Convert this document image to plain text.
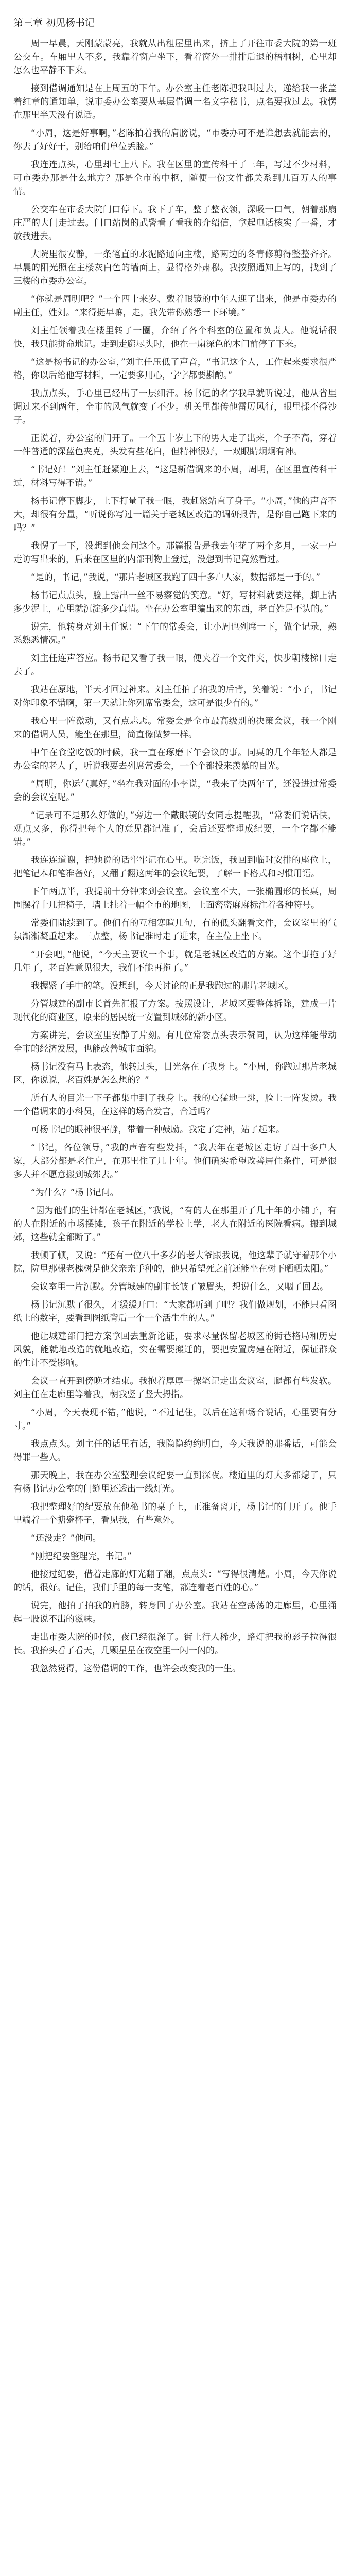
第三章 初见杨书记

周一早晨，天刚蒙蒙亮，我就从出租屋里出来，挤上了开往市委大院的第一班公交车。车厢里人不多，我靠着窗户坐下，看着窗外一排排后退的梧桐树，心里却怎么也平静不下来。

接到借调通知是在上周五的下午。办公室主任老陈把我叫过去，递给我一张盖着红章的通知单，说市委办公室要从基层借调一名文字秘书，点名要我过去。我愣在那里半天没有说话。

“小周，这是好事啊，”老陈拍着我的肩膀说，“市委办可不是谁想去就能去的，你去了好好干，别给咱们单位丢脸。”

我连连点头，心里却七上八下。我在区里的宣传科干了三年，写过不少材料，可市委办那是什么地方？那是全市的中枢，随便一份文件都关系到几百万人的事情。

公交车在市委大院门口停下。我下了车，整了整衣领，深吸一口气，朝着那扇庄严的大门走过去。门口站岗的武警看了看我的介绍信，拿起电话核实了一番，才放我进去。

大院里很安静，一条笔直的水泥路通向主楼，路两边的冬青修剪得整整齐齐。早晨的阳光照在主楼灰白色的墙面上，显得格外肃穆。我按照通知上写的，找到了三楼的市委办公室。

“你就是周明吧？”一个四十来岁、戴着眼镜的中年人迎了出来，他是市委办的副主任，姓刘。“来得挺早嘛，走，我先带你熟悉一下环境。”

刘主任领着我在楼里转了一圈，介绍了各个科室的位置和负责人。他说话很快，我只能拼命地记。走到走廊尽头时，他在一扇深色的木门前停了下来。

“这是杨书记的办公室，”刘主任压低了声音，“书记这个人，工作起来要求很严格，你以后给他写材料，一定要多用心，字字都要斟酌。”

我点点头，手心里已经出了一层细汗。杨书记的名字我早就听说过，他从省里调过来不到两年，全市的风气就变了不少。机关里都传他雷厉风行，眼里揉不得沙子。

正说着，办公室的门开了。一个五十岁上下的男人走了出来，个子不高，穿着一件普通的深蓝色夹克，头发有些花白，但精神很好，一双眼睛炯炯有神。

“书记好！”刘主任赶紧迎上去，“这是新借调来的小周，周明，在区里宣传科干过，材料写得不错。”

杨书记停下脚步，上下打量了我一眼，我赶紧站直了身子。“小周，”他的声音不大，却很有分量，“听说你写过一篇关于老城区改造的调研报告，是你自己跑下来的吗？”

我愣了一下，没想到他会问这个。那篇报告是我去年花了两个多月，一家一户走访写出来的，后来在区里的内部刊物上登过，没想到书记竟然看过。

“是的，书记，”我说，“那片老城区我跑了四十多户人家，数据都是一手的。”

杨书记点点头，脸上露出一丝不易察觉的笑意。“好，写材料就要这样，脚上沾多少泥土，心里就沉淀多少真情。坐在办公室里编出来的东西，老百姓是不认的。”

说完，他转身对刘主任说：“下午的常委会，让小周也列席一下，做个记录，熟悉熟悉情况。”

刘主任连声答应。杨书记又看了我一眼，便夹着一个文件夹，快步朝楼梯口走去了。

我站在原地，半天才回过神来。刘主任拍了拍我的后背，笑着说：“小子，书记对你印象不错啊，第一天就让你列席常委会，这可是很少有的。”

我心里一阵激动，又有点忐忑。常委会是全市最高级别的决策会议，我一个刚来的借调人员，能坐在那里，简直像做梦一样。

中午在食堂吃饭的时候，我一直在琢磨下午会议的事。同桌的几个年轻人都是办公室的老人了，听说我要去列席常委会，一个个都投来羡慕的目光。

“周明，你运气真好，”坐在我对面的小李说，“我来了快两年了，还没进过常委会的会议室呢。”

“记录可不是那么好做的，”旁边一个戴眼镜的女同志提醒我，“常委们说话快，观点又多，你得把每个人的意见都记准了，会后还要整理成纪要，一个字都不能错。”

我连连道谢，把她说的话牢牢记在心里。吃完饭，我回到临时安排的座位上，把笔记本和笔准备好，又翻了翻这两年的会议纪要，了解一下格式和习惯用语。

下午两点半，我提前十分钟来到会议室。会议室不大，一张椭圆形的长桌，周围摆着十几把椅子，墙上挂着一幅全市的地图，上面密密麻麻标注着各种符号。

常委们陆续到了。他们有的互相寒暄几句，有的低头翻看文件，会议室里的气氛渐渐凝重起来。三点整，杨书记准时走了进来，在主位上坐下。

“开会吧，”他说，“今天主要议一个事，就是老城区改造的方案。这个事拖了好几年了，老百姓意见很大，我们不能再拖了。”

我握紧了手中的笔。没想到，今天讨论的正是我跑过的那片老城区。

分管城建的副市长首先汇报了方案。按照设计，老城区要整体拆除，建成一片现代化的商业区，原来的居民统一安置到城郊的新小区。

方案讲完，会议室里安静了片刻。有几位常委点头表示赞同，认为这样能带动全市的经济发展，也能改善城市面貌。

杨书记没有马上表态，他转过头，目光落在了我身上。“小周，你跑过那片老城区，你说说，老百姓是怎么想的？”

所有人的目光一下子都集中到了我身上。我的心猛地一跳，脸上一阵发烫。我一个借调来的小科员，在这样的场合发言，合适吗？

可杨书记的眼神很平静，带着一种鼓励。我定了定神，站了起来。

“书记，各位领导，”我的声音有些发抖，“我去年在老城区走访了四十多户人家，大部分都是老住户，在那里住了几十年。他们确实希望改善居住条件，可是很多人并不愿意搬到城郊去。”

“为什么？”杨书记问。

“因为他们的生计都在老城区，”我说，“有的人在那里开了几十年的小铺子，有的人在附近的市场摆摊，孩子在附近的学校上学，老人在附近的医院看病。搬到城郊，这些就全都断了。”

我顿了顿，又说：“还有一位八十多岁的老大爷跟我说，他这辈子就守着那个小院，院里那棵老槐树是他父亲亲手种的，他只希望死之前还能坐在树下晒晒太阳。”

会议室里一片沉默。分管城建的副市长皱了皱眉头，想说什么，又咽了回去。

杨书记沉默了很久，才缓缓开口：“大家都听到了吧？我们做规划，不能只看图纸上的数字，要看到图纸背后一个一个活生生的人。”

他让城建部门把方案拿回去重新论证，要求尽量保留老城区的街巷格局和历史风貌，能就地改造的就地改造，实在需要搬迁的，要把安置房建在附近，保证群众的生计不受影响。

会议一直开到傍晚才结束。我抱着厚厚一摞笔记走出会议室，腿都有些发软。刘主任在走廊里等着我，朝我竖了竖大拇指。

“小周，今天表现不错，”他说，“不过记住，以后在这种场合说话，心里要有分寸。”

我点点头。刘主任的话里有话，我隐隐约约明白，今天我说的那番话，可能会得罪一些人。

那天晚上，我在办公室整理会议纪要一直到深夜。楼道里的灯大多都熄了，只有杨书记办公室的门缝里还透出一线灯光。

我把整理好的纪要放在他秘书的桌子上，正准备离开，杨书记的门开了。他手里端着一个搪瓷杯子，看见我，有些意外。

“还没走？”他问。

“刚把纪要整理完，书记。”

他接过纪要，借着走廊的灯光翻了翻，点点头：“写得很清楚。小周，今天你说的话，很好。记住，我们手里的每一支笔，都连着老百姓的心。”

说完，他拍了拍我的肩膀，转身回了办公室。我站在空荡荡的走廊里，心里涌起一股说不出的滋味。

走出市委大院的时候，夜已经很深了。街上行人稀少，路灯把我的影子拉得很长。我抬头看了看天，几颗星星在夜空里一闪一闪的。

我忽然觉得，这份借调的工作，也许会改变我的一生。
